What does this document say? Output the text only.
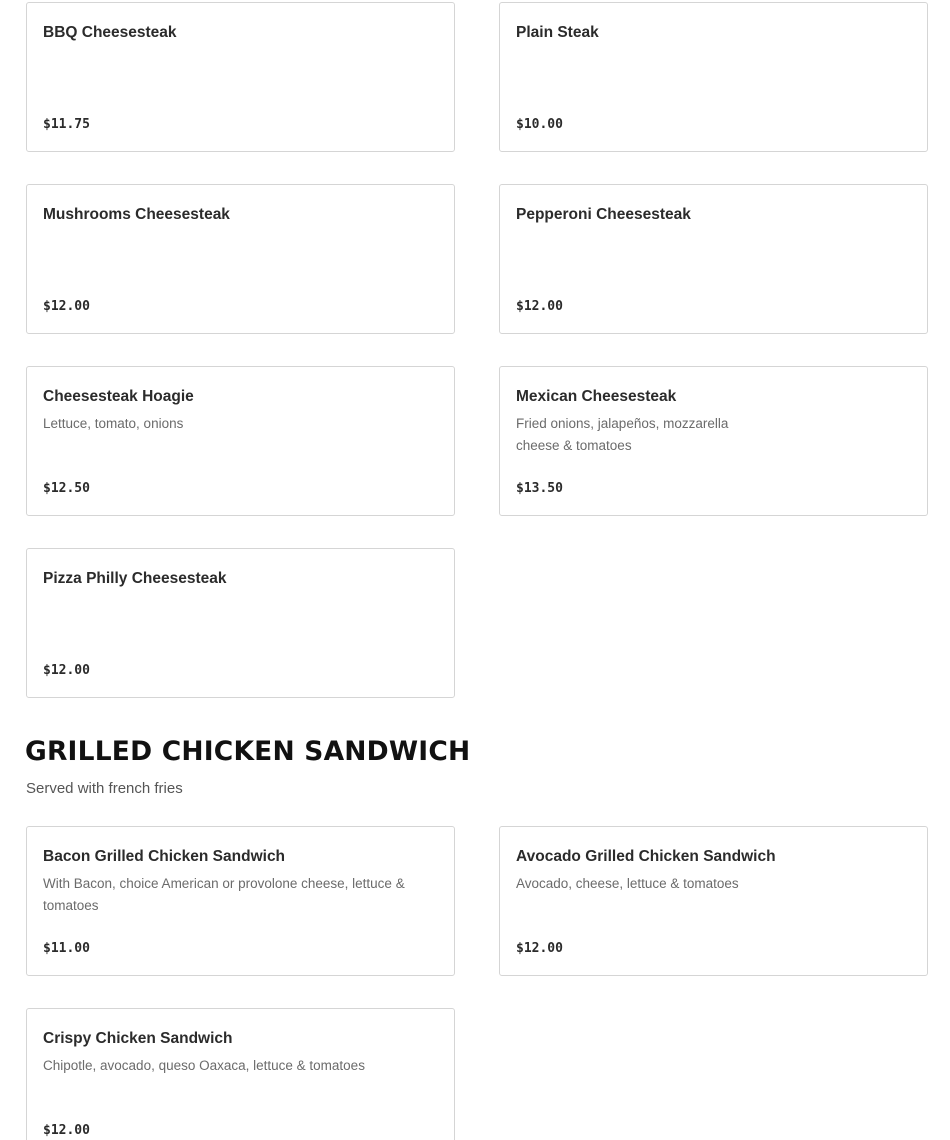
BBQ Cheesesteak
$11.75
Plain Steak
$10.00
Mushrooms Cheesesteak
$12.00
Pepperoni Cheesesteak
$12.00
Cheesesteak Hoagie
Lettuce, tomato, onions
$12.50
Mexican Cheesesteak
Fried onions, jalapeños, mozzarella cheese & tomatoes
$13.50
Pizza Philly Cheesesteak
$12.00
GRILLED CHICKEN SANDWICH
Served with french fries
Bacon Grilled Chicken Sandwich
With Bacon, choice American or provolone cheese, lettuce & tomatoes
$11.00
Avocado Grilled Chicken Sandwich
Avocado, cheese, lettuce & tomatoes
$12.00
Crispy Chicken Sandwich
Chipotle, avocado, queso Oaxaca, lettuce & tomatoes
$12.00
